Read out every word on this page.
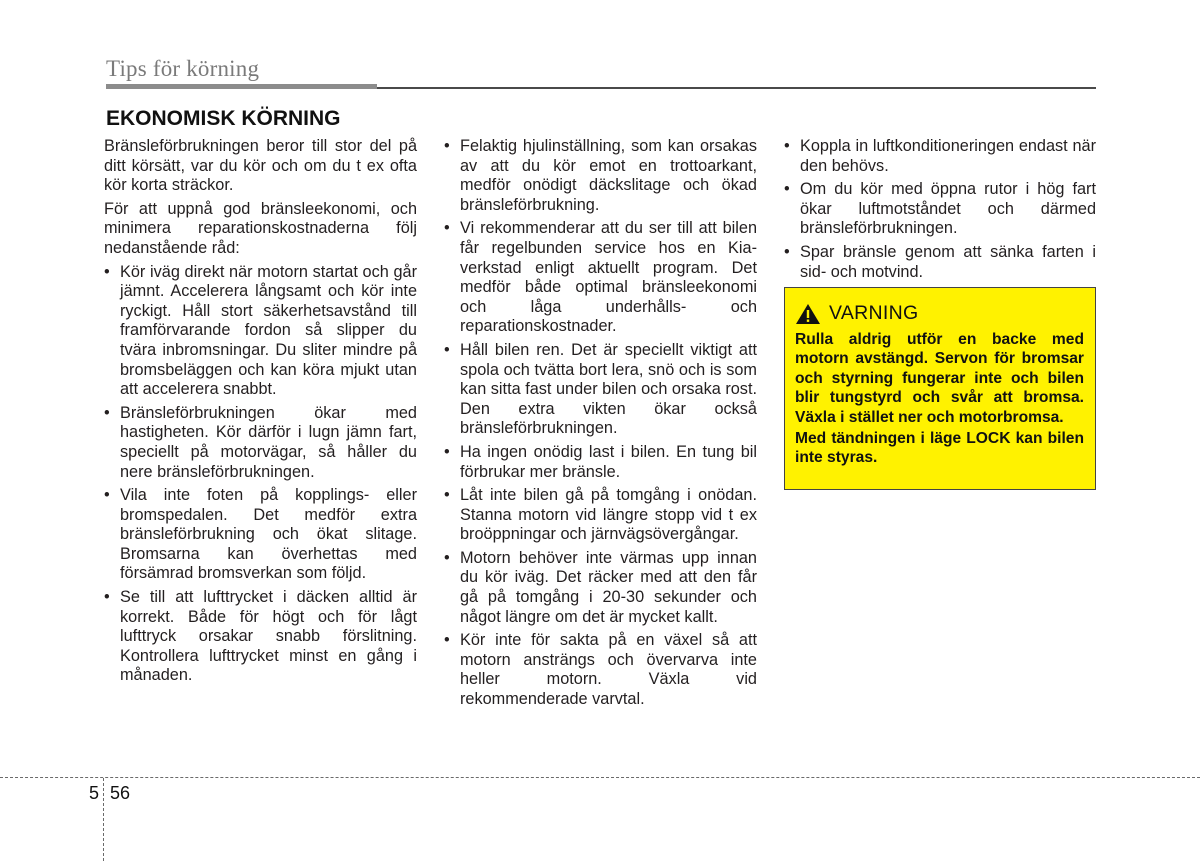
Tips för körning
EKONOMISK KÖRNING

Bränsleförbrukningen beror till stor del på ditt körsätt, var du kör och om du t ex ofta kör korta sträckor.

För att uppnå god bränsleekonomi, och minimera reparationskostnaderna följ nedanstående råd:

• Kör iväg direkt när motorn startat och går jämnt. Accelerera långsamt och kör inte ryckigt. Håll stort säkerhetsavstånd till framförvarande fordon så slipper du tvära inbromsningar. Du sliter mindre på bromsbeläggen och kan köra mjukt utan att accelerera snabbt.
• Bränsleförbrukningen ökar med hastigheten. Kör därför i lugn jämn fart, speciellt på motorvägar, så håller du nere bränsleförbrukningen.
• Vila inte foten på kopplings- eller bromspedalen. Det medför extra bränsleförbrukning och ökat slitage. Bromsarna kan överhettas med försämrad bromsverkan som följd.
• Se till att lufttrycket i däcken alltid är korrekt. Både för högt och för lågt lufttryck orsakar snabb förslitning. Kontrollera lufttrycket minst en gång i månaden.
• Felaktig hjulinställning, som kan orsakas av att du kör emot en trottoarkant, medför onödigt däckslitage och ökad bränsleförbrukning.
• Vi rekommenderar att du ser till att bilen får regelbunden service hos en Kia-verkstad enligt aktuellt program. Det medför både optimal bränsleekonomi och låga underhålls- och reparationskostnader.
• Håll bilen ren. Det är speciellt viktigt att spola och tvätta bort lera, snö och is som kan sitta fast under bilen och orsaka rost. Den extra vikten ökar också bränsleförbrukningen.
• Ha ingen onödig last i bilen. En tung bil förbrukar mer bränsle.
• Låt inte bilen gå på tomgång i onödan. Stanna motorn vid längre stopp vid t ex broöppningar och järnvägsövergångar.
• Motorn behöver inte värmas upp innan du kör iväg. Det räcker med att den får gå på tomgång i 20-30 sekunder och något längre om det är mycket kallt.
• Kör inte för sakta på en växel så att motorn ansträngs och övervarva inte heller motorn. Växla vid rekommenderade varvtal.
• Koppla in luftkonditioneringen endast när den behövs.
• Om du kör med öppna rutor i hög fart ökar luftmotståndet och därmed bränsleförbrukningen.
• Spar bränsle genom att sänka farten i sid- och motvind.
VARNING

Rulla aldrig utför en backe med motorn avstängd. Servon för bromsar och styrning fungerar inte och bilen blir tungstyrd och svår att bromsa. Växla i stället ner och motorbromsa.

Med tändningen i läge LOCK kan bilen inte styras.

5 56
